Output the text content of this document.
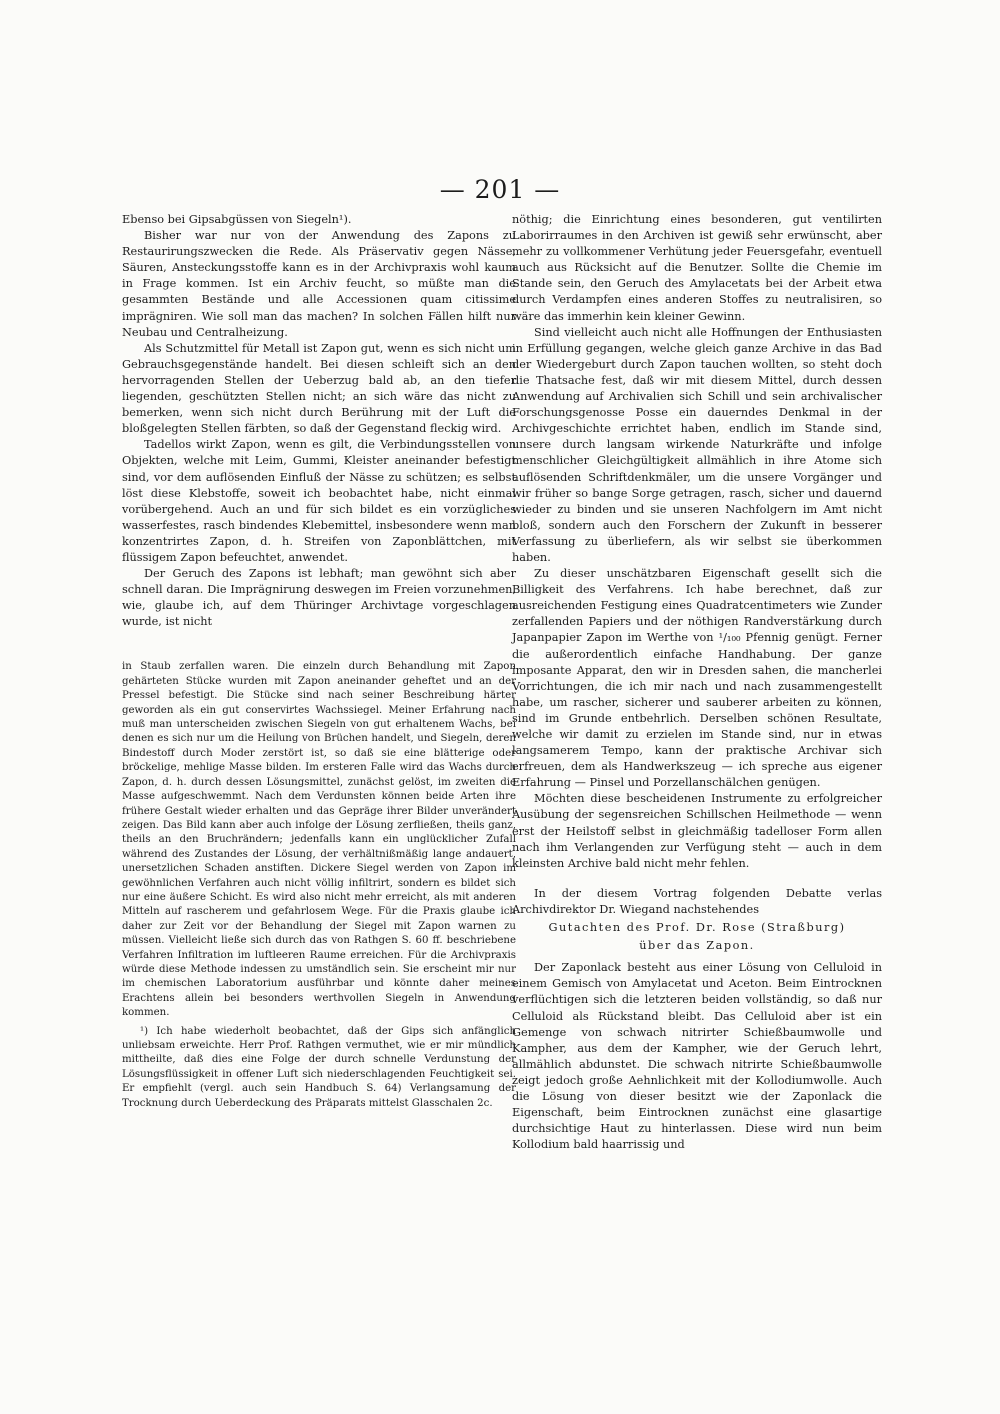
— 201 —

Ebenso bei Gipsabgüssen von Siegeln¹).

Bisher war nur von der Anwendung des Zapons zu Restaurirungszwecken die Rede. Als Präservativ gegen Nässe, Säuren, Ansteckungsstoffe kann es in der Archivpraxis wohl kaum in Frage kommen. Ist ein Archiv feucht, so müßte man die gesammten Bestände und alle Accessionen quam citissime imprägniren. Wie soll man das machen? In solchen Fällen hilft nur Neubau und Centralheizung.

Als Schutzmittel für Metall ist Zapon gut, wenn es sich nicht um Gebrauchsgegenstände handelt. Bei diesen schleift sich an den hervorragenden Stellen der Ueberzug bald ab, an den tiefer liegenden, geschützten Stellen nicht; an sich wäre das nicht zu bemerken, wenn sich nicht durch Berührung mit der Luft die bloßgelegten Stellen färbten, so daß der Gegenstand fleckig wird.

Tadellos wirkt Zapon, wenn es gilt, die Verbindungsstellen von Objekten, welche mit Leim, Gummi, Kleister aneinander befestigt sind, vor dem auflösenden Einfluß der Nässe zu schützen; es selbst löst diese Klebstoffe, soweit ich beobachtet habe, nicht einmal vorübergehend. Auch an und für sich bildet es ein vorzügliches wasserfestes, rasch bindendes Klebemittel, insbesondere wenn man konzentrirtes Zapon, d. h. Streifen von Zaponblättchen, mit flüssigem Zapon befeuchtet, anwendet.

Der Geruch des Zapons ist lebhaft; man gewöhnt sich aber schnell daran. Die Imprägnirung deswegen im Freien vorzunehmen, wie, glaube ich, auf dem Thüringer Archivtage vorgeschlagen wurde, ist nicht

in Staub zerfallen waren. Die einzeln durch Behandlung mit Zapon gehärteten Stücke wurden mit Zapon aneinander geheftet und an der Pressel befestigt. Die Stücke sind nach seiner Beschreibung härter geworden als ein gut conservirtes Wachssiegel. Meiner Erfahrung nach muß man unterscheiden zwischen Siegeln von gut erhaltenem Wachs, bei denen es sich nur um die Heilung von Brüchen handelt, und Siegeln, deren Bindestoff durch Moder zerstört ist, so daß sie eine blätterige oder bröckelige, mehlige Masse bilden. Im ersteren Falle wird das Wachs durch Zapon, d. h. durch dessen Lösungsmittel, zunächst gelöst, im zweiten die Masse aufgeschwemmt. Nach dem Verdunsten können beide Arten ihre frühere Gestalt wieder erhalten und das Gepräge ihrer Bilder unverändert zeigen. Das Bild kann aber auch infolge der Lösung zerfließen, theils ganz, theils an den Bruchrändern; jedenfalls kann ein unglücklicher Zufall während des Zustandes der Lösung, der verhältnißmäßig lange andauert, unersetzlichen Schaden anstiften. Dickere Siegel werden von Zapon im gewöhnlichen Verfahren auch nicht völlig infiltrirt, sondern es bildet sich nur eine äußere Schicht. Es wird also nicht mehr erreicht, als mit anderen Mitteln auf rascherem und gefahrlosem Wege. Für die Praxis glaube ich daher zur Zeit vor der Behandlung der Siegel mit Zapon warnen zu müssen. Vielleicht ließe sich durch das von Rathgen S. 60 ff. beschriebene Verfahren Infiltration im luftleeren Raume erreichen. Für die Archivpraxis würde diese Methode indessen zu umständlich sein. Sie erscheint mir nur im chemischen Laboratorium ausführbar und könnte daher meines Erachtens allein bei besonders werthvollen Siegeln in Anwendung kommen.

¹) Ich habe wiederholt beobachtet, daß der Gips sich anfänglich unliebsam erweichte. Herr Prof. Rathgen vermuthet, wie er mir mündlich mittheilte, daß dies eine Folge der durch schnelle Verdunstung der Lösungsflüssigkeit in offener Luft sich niederschlagenden Feuchtigkeit sei. Er empfiehlt (vergl. auch sein Handbuch S. 64) Verlangsamung der Trocknung durch Ueberdeckung des Präparats mittelst Glasschalen 2c.

nöthig; die Einrichtung eines besonderen, gut ventilirten Laborirraumes in den Archiven ist gewiß sehr erwünscht, aber mehr zu vollkommener Verhütung jeder Feuersgefahr, eventuell auch aus Rücksicht auf die Benutzer. Sollte die Chemie im Stande sein, den Geruch des Amylacetats bei der Arbeit etwa durch Verdampfen eines anderen Stoffes zu neutralisiren, so wäre das immerhin kein kleiner Gewinn.

Sind vielleicht auch nicht alle Hoffnungen der Enthusiasten in Erfüllung gegangen, welche gleich ganze Archive in das Bad der Wiedergeburt durch Zapon tauchen wollten, so steht doch die Thatsache fest, daß wir mit diesem Mittel, durch dessen Anwendung auf Archivalien sich Schill und sein archivalischer Forschungsgenosse Posse ein dauerndes Denkmal in der Archivgeschichte errichtet haben, endlich im Stande sind, unsere durch langsam wirkende Naturkräfte und infolge menschlicher Gleichgültigkeit allmählich in ihre Atome sich auflösenden Schriftdenkmäler, um die unsere Vorgänger und wir früher so bange Sorge getragen, rasch, sicher und dauernd wieder zu binden und sie unseren Nachfolgern im Amt nicht bloß, sondern auch den Forschern der Zukunft in besserer Verfassung zu überliefern, als wir selbst sie überkommen haben.

Zu dieser unschätzbaren Eigenschaft gesellt sich die Billigkeit des Verfahrens. Ich habe berechnet, daß zur ausreichenden Festigung eines Quadratcentimeters wie Zunder zerfallenden Papiers und der nöthigen Randverstärkung durch Japanpapier Zapon im Werthe von ¹/₁₀₀ Pfennig genügt. Ferner die außerordentlich einfache Handhabung. Der ganze imposante Apparat, den wir in Dresden sahen, die mancherlei Vorrichtungen, die ich mir nach und nach zusammengestellt habe, um rascher, sicherer und sauberer arbeiten zu können, sind im Grunde entbehrlich. Derselben schönen Resultate, welche wir damit zu erzielen im Stande sind, nur in etwas langsamerem Tempo, kann der praktische Archivar sich erfreuen, dem als Handwerkszeug — ich spreche aus eigener Erfahrung — Pinsel und Porzellanschälchen genügen.

Möchten diese bescheidenen Instrumente zu erfolgreicher Ausübung der segensreichen Schillschen Heilmethode — wenn erst der Heilstoff selbst in gleichmäßig tadelloser Form allen nach ihm Verlangenden zur Verfügung steht — auch in dem kleinsten Archive bald nicht mehr fehlen.

In der diesem Vortrag folgenden Debatte verlas Archivdirektor Dr. Wiegand nachstehendes

Gutachten des Prof. Dr. Rose (Straßburg)
über das Zapon.

Der Zaponlack besteht aus einer Lösung von Celluloid in einem Gemisch von Amylacetat und Aceton. Beim Eintrocknen verflüchtigen sich die letzteren beiden vollständig, so daß nur Celluloid als Rückstand bleibt. Das Celluloid aber ist ein Gemenge von schwach nitrirter Schießbaumwolle und Kampher, aus dem der Kampher, wie der Geruch lehrt, allmählich abdunstet. Die schwach nitrirte Schießbaumwolle zeigt jedoch große Aehnlichkeit mit der Kollodiumwolle. Auch die Lösung von dieser besitzt wie der Zaponlack die Eigenschaft, beim Eintrocknen zunächst eine glasartige durchsichtige Haut zu hinterlassen. Diese wird nun beim Kollodium bald haarrissig und
